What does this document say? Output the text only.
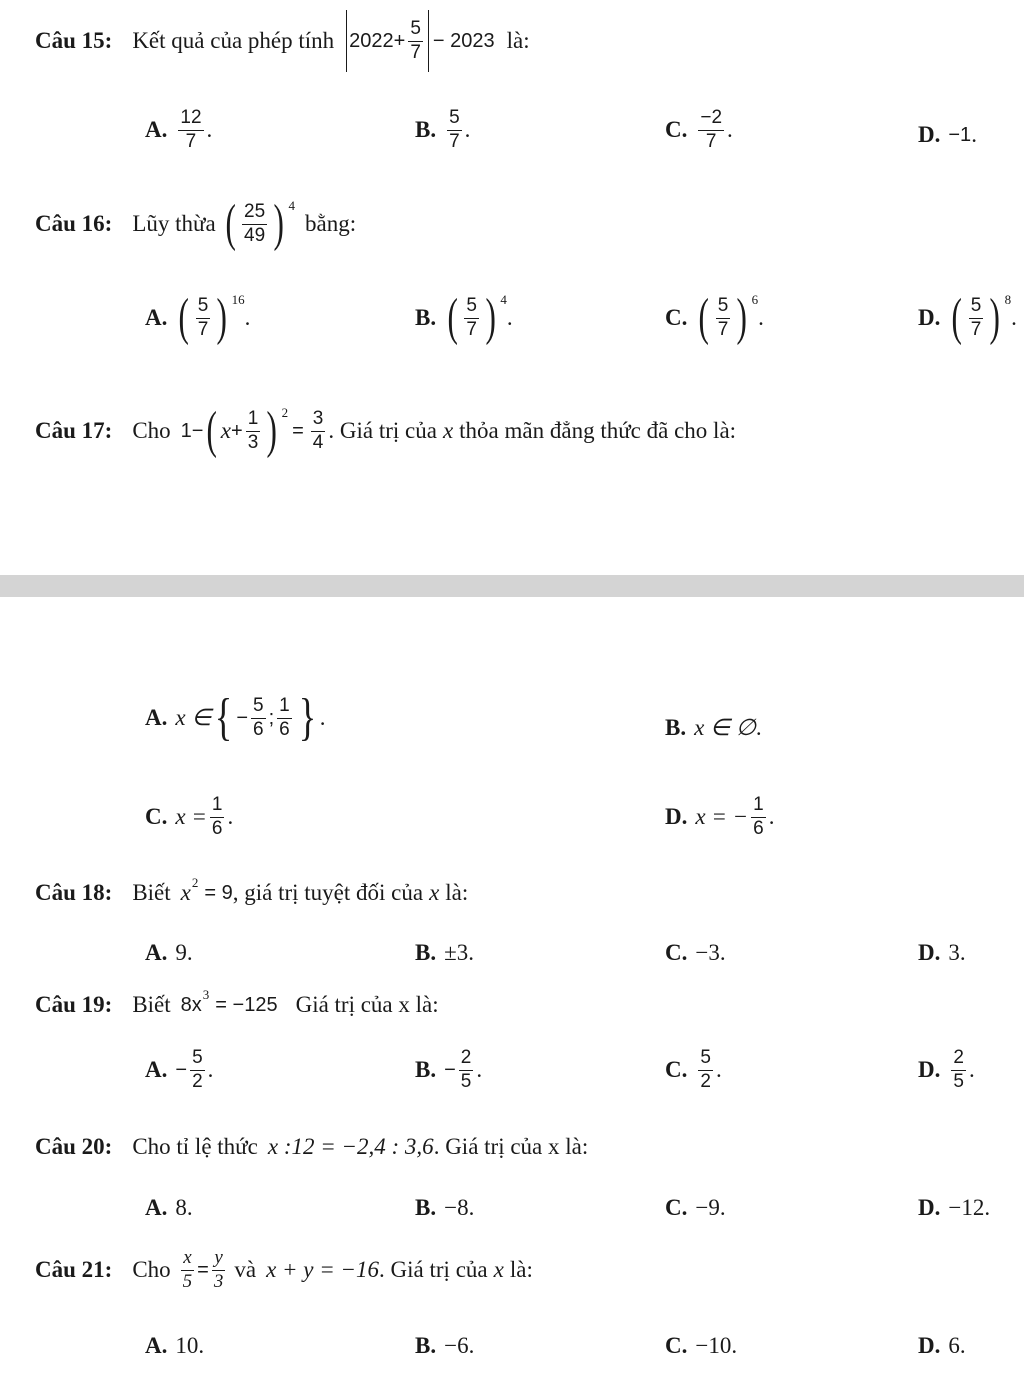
Câu 15: Kết quả của phép tính $2022 + \frac{5}{7} - 2023$ là:
A. $\frac{12}{7}$ .	B. $\frac{5}{7}$ .	C. $\frac{-2}{7}$ .	D. −1 .
Câu 16: Lũy thừa ( $\frac{25}{49}$ ) 4
bằng:
A. ( $\frac{5}{7}$ ) 16
.	B. ( $\frac{5}{7}$ ) 4
.	C. ( $\frac{5}{7}$ ) 6
.	D. ( $\frac{5}{7}$ ) 8
.
Câu 17: Cho 1− ( $x + \frac{1}{3}$ ) 2
= $\frac{3}{4}$ . Giá trị của x thỏa mãn đẳng thức đã cho là:
A. x ∈ { − $\frac{5}{6}$ ; $\frac{1}{6}$ } .	B. x ∈ ∅ .
C. $x = \frac{1}{6}$ .	D. x = − $\frac{1}{6}$ .
Câu 18: Biết x 2 = 9 , giá trị tuyệt đối của x là:
A. 9.	B. ±3.	C. −3.	D. 3.
Câu 19: Biết 8x 3 = −125 Giá trị của x là:
A. − $\frac{5}{2}$ .	B. − $\frac{2}{5}$ .	C. $\frac{5}{2}$ .	D. $\frac{2}{5}$ .
Câu 20: Cho tỉ lệ thức x :12 = −2,4 : 3,6 . Giá trị của x là:
A. 8.	B. −8.	C. −9.	D. −12.
Câu 21: Cho $\frac{x}{5} = \frac{y}{3}$ và x + y = −16 . Giá trị của x là:
A. 10.	B. −6.	C. −10.	D. 6.
